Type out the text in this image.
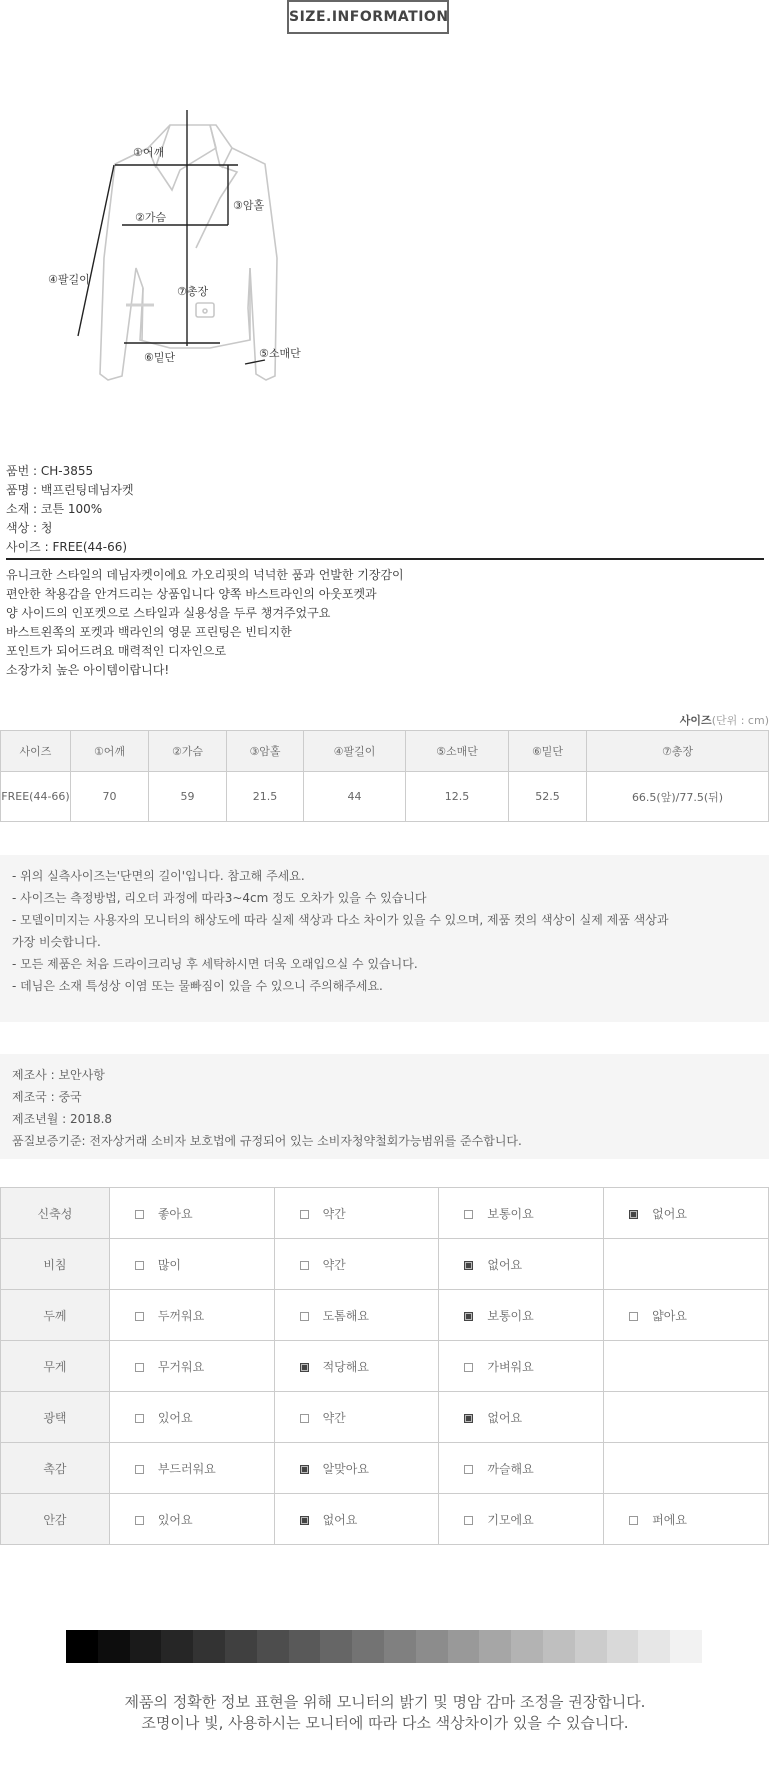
SIZE.INFORMATION
①어깨
②가슴
③암홀
④팔길이
⑤소매단
⑥밑단
⑦총장
품번 : CH-3855
품명 : 백프린팅데님자켓
소재 : 코튼 100%
색상 : 청
사이즈 : FREE(44-66)
유니크한 스타일의 데님자켓이에요 가오리핏의 넉넉한 품과 언발한 기장감이
편안한 착용감을 안겨드리는 상품입니다 양쪽 바스트라인의 아웃포켓과
양 사이드의 인포켓으로 스타일과 실용성을 두루 챙겨주었구요
바스트왼쪽의 포켓과 백라인의 영문 프린팅은 빈티지한
포인트가 되어드려요 매력적인 디자인으로
소장가치 높은 아이템이랍니다!
사이즈(단위 : cm)
사이즈	①어깨	②가슴	③암홀	④팔길이	⑤소매단	⑥밑단	⑦총장
FREE(44-66)	70	59	21.5	44	12.5	52.5	66.5(앞)/77.5(뒤)
- 위의 실측사이즈는'단면의 길이'입니다. 참고해 주세요.
- 사이즈는 측정방법, 리오더 과정에 따라3~4cm 정도 오차가 있을 수 있습니다
- 모델이미지는 사용자의 모니터의 해상도에 따라 실제 색상과 다소 차이가 있을 수 있으며, 제품 컷의 색상이 실제 제품 색상과
가장 비슷합니다.
- 모든 제품은 처음 드라이크리닝 후 세탁하시면 더욱 오래입으실 수 있습니다.
- 데님은 소재 특성상 이염 또는 물빠짐이 있을 수 있으니 주의해주세요.
제조사 : 보안사항
제조국 : 중국
제조년월 : 2018.8
품질보증기준: 전자상거래 소비자 보호법에 규정되어 있는 소비자청약철회가능범위를 준수합니다.
신축성	좋아요	약간	보통이요	없어요
비침	많이	약간	없어요	
두께	두꺼워요	도톰해요	보통이요	얇아요
무게	무거워요	적당해요	가벼워요	
광택	있어요	약간	없어요	
촉감	부드러워요	알맞아요	까슬해요	
안감	있어요	없어요	기모에요	퍼에요
제품의 정확한 정보 표현을 위해 모니터의 밝기 및 명암 감마 조정을 권장합니다.
조명이나 빛, 사용하시는 모니터에 따라 다소 색상차이가 있을 수 있습니다.
